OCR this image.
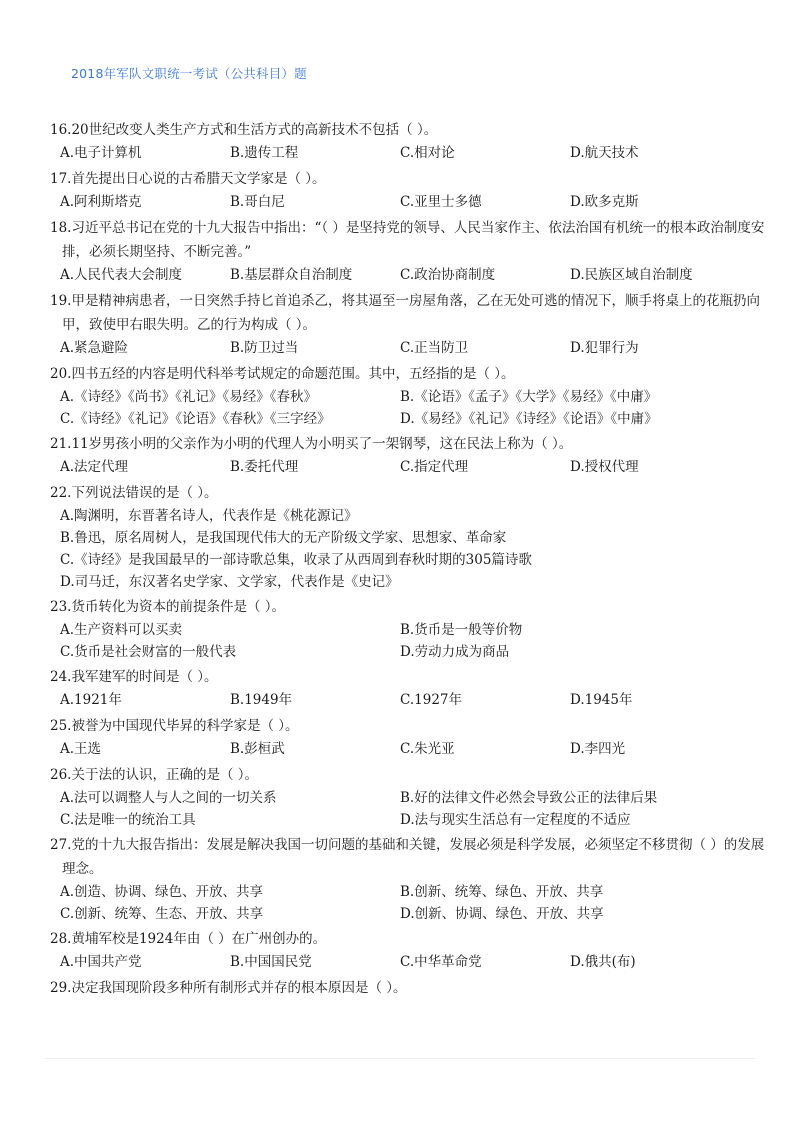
2018年军队文职统一考试（公共科目）题
16.20世纪改变人类生产方式和生活方式的高新技术不包括（ ）。
A.电子计算机	B.遗传工程	C.相对论	D.航天技术
17.首先提出日心说的古希腊天文学家是（ ）。
A.阿利斯塔克	B.哥白尼	C.亚里士多德	D.欧多克斯
18.习近平总书记在党的十九大报告中指出：“（ ）是坚持党的领导、人民当家作主、依法治国有机统一的根本政治制度安排，必须长期坚持、不断完善。”
A.人民代表大会制度	B.基层群众自治制度	C.政治协商制度	D.民族区域自治制度
19.甲是精神病患者，一日突然手持匕首追杀乙，将其逼至一房屋角落，乙在无处可逃的情况下，顺手将桌上的花瓶扔向甲，致使甲右眼失明。乙的行为构成（ ）。
A.紧急避险	B.防卫过当	C.正当防卫	D.犯罪行为
20.四书五经的内容是明代科举考试规定的命题范围。其中，五经指的是（ ）。
A.《诗经》《尚书》《礼记》《易经》《春秋》	B.《论语》《孟子》《大学》《易经》《中庸》
C.《诗经》《礼记》《论语》《春秋》《三字经》	D.《易经》《礼记》《诗经》《论语》《中庸》
21.11岁男孩小明的父亲作为小明的代理人为小明买了一架钢琴，这在民法上称为（ ）。
A.法定代理	B.委托代理	C.指定代理	D.授权代理
22.下列说法错误的是（ ）。
A.陶渊明，东晋著名诗人，代表作是《桃花源记》
B.鲁迅，原名周树人，是我国现代伟大的无产阶级文学家、思想家、革命家
C.《诗经》是我国最早的一部诗歌总集，收录了从西周到春秋时期的305篇诗歌
D.司马迁，东汉著名史学家、文学家，代表作是《史记》
23.货币转化为资本的前提条件是（ ）。
A.生产资料可以买卖	B.货币是一般等价物
C.货币是社会财富的一般代表	D.劳动力成为商品
24.我军建军的时间是（ ）。
A.1921年	B.1949年	C.1927年	D.1945年
25.被誉为中国现代毕昇的科学家是（ ）。
A.王选	B.彭桓武	C.朱光亚	D.李四光
26.关于法的认识，正确的是（ ）。
A.法可以调整人与人之间的一切关系	B.好的法律文件必然会导致公正的法律后果
C.法是唯一的统治工具	D.法与现实生活总有一定程度的不适应
27.党的十九大报告指出：发展是解决我国一切问题的基础和关键，发展必须是科学发展，必须坚定不移贯彻（ ）的发展理念。
A.创造、协调、绿色、开放、共享	B.创新、统筹、绿色、开放、共享
C.创新、统筹、生态、开放、共享	D.创新、协调、绿色、开放、共享
28.黄埔军校是1924年由（ ）在广州创办的。
A.中国共产党	B.中国国民党	C.中华革命党	D.俄共(布)
29.决定我国现阶段多种所有制形式并存的根本原因是（ ）。
